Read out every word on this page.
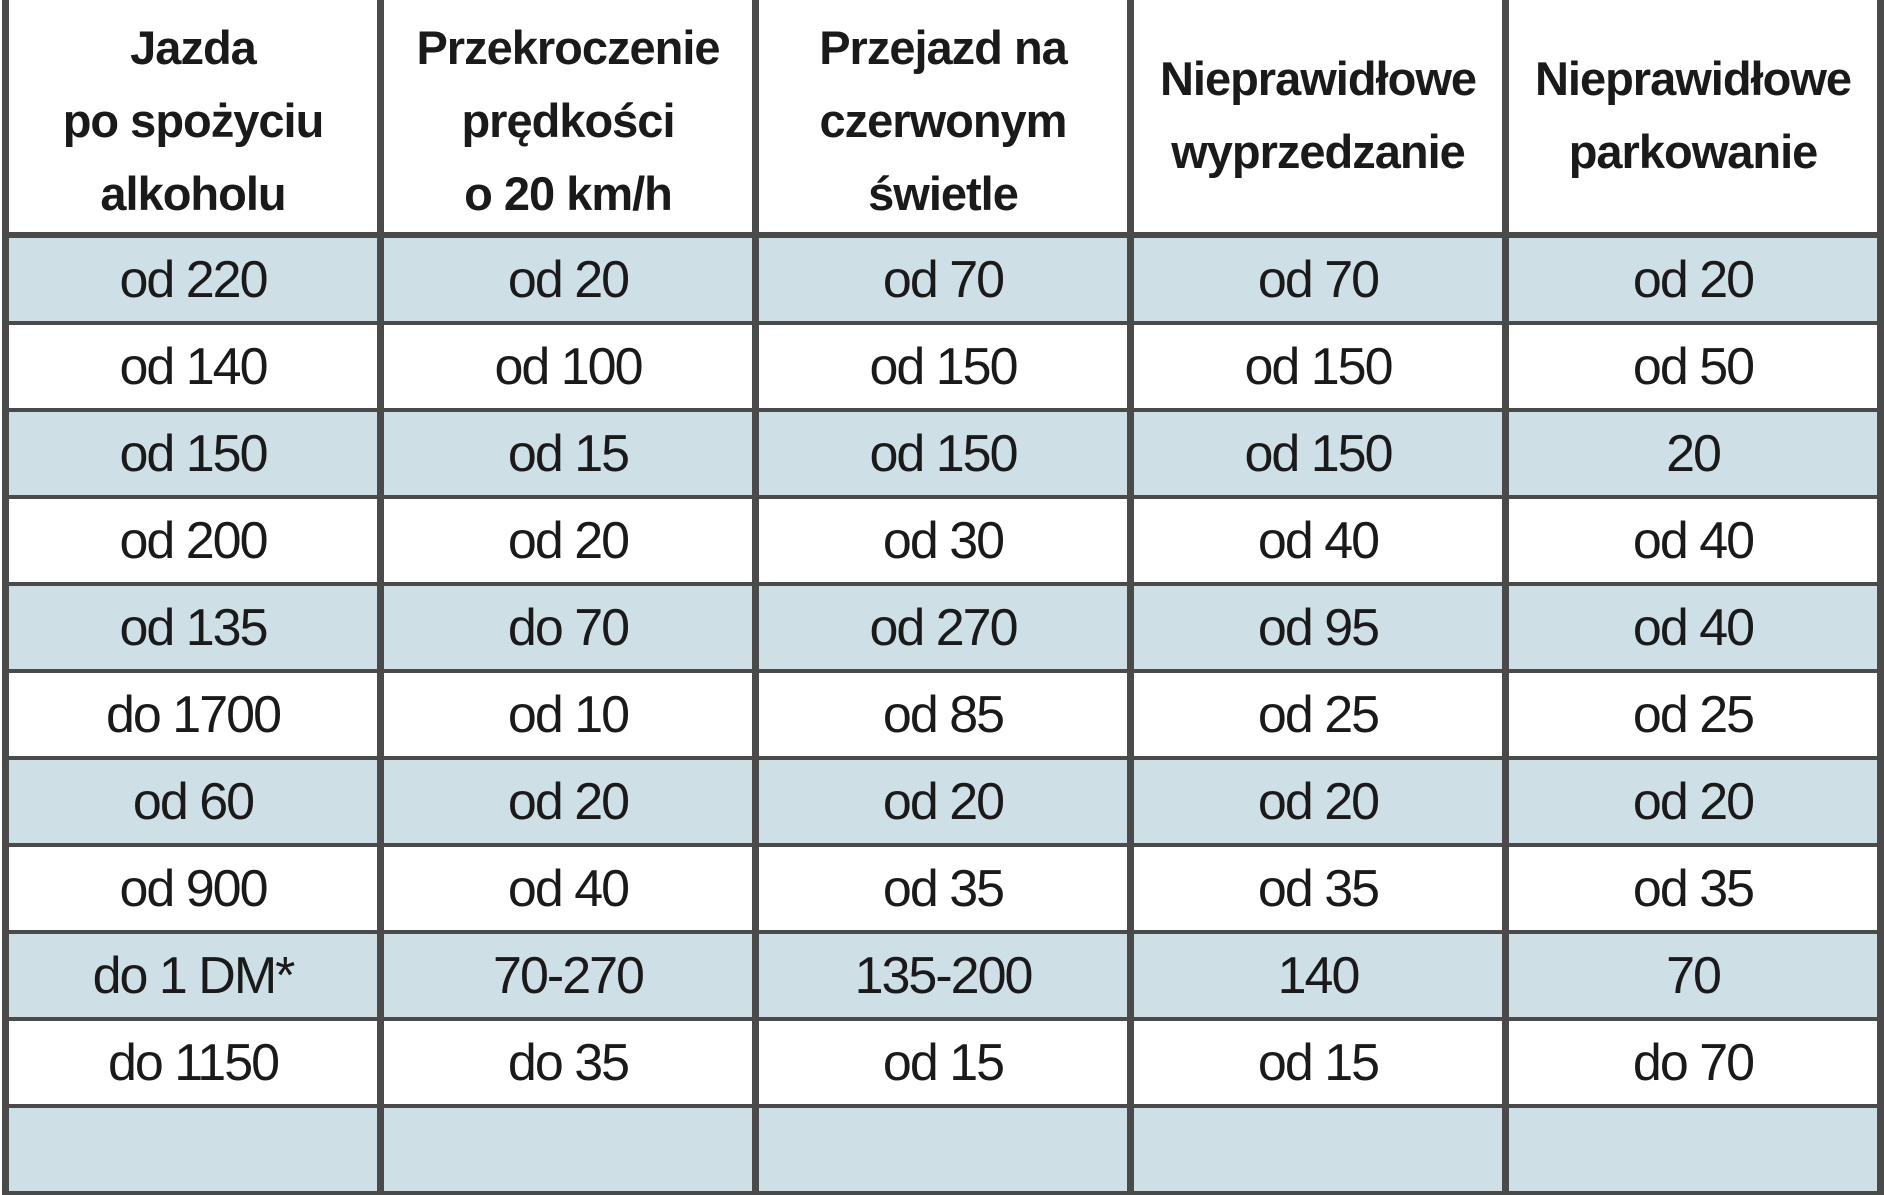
Jazda
po spożyciu
alkoholu	Przekroczenie
prędkości
o 20 km/h	Przejazd na
czerwonym
świetle	Nieprawidłowe
wyprzedzanie	Nieprawidłowe
parkowanie

od 220	od 20	od 70	od 70	od 20
od 140	od 100	od 150	od 150	od 50
od 150	od 15	od 150	od 150	20
od 200	od 20	od 30	od 40	od 40
od 135	do 70	od 270	od 95	od 40
do 1700	od 10	od 85	od 25	od 25
od 60	od 20	od 20	od 20	od 20
od 900	od 40	od 35	od 35	od 35
do 1 DM*	70-270	135-200	140	70
do 1150	do 35	od 15	od 15	do 70
